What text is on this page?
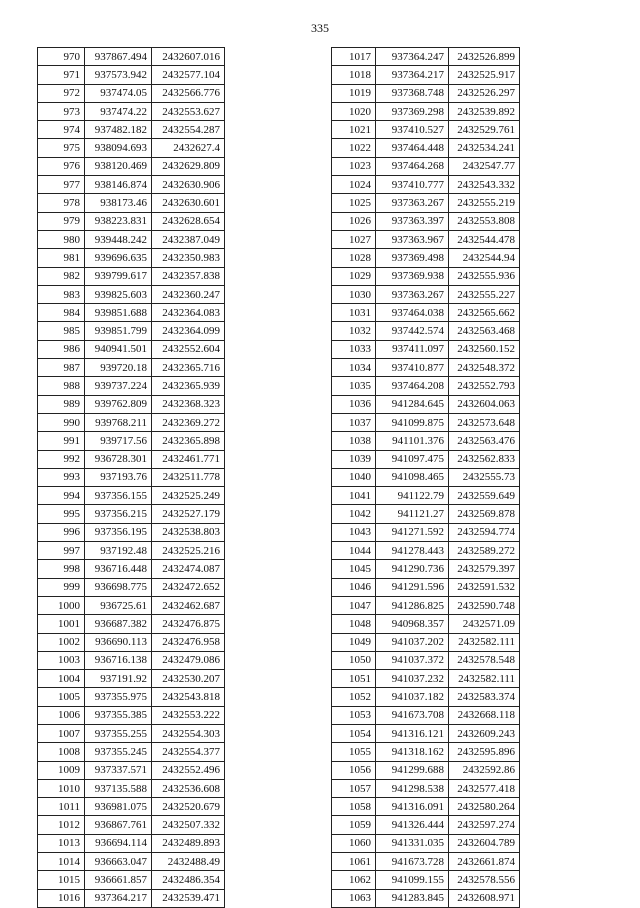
335
970	937867.494	2432607.016
971	937573.942	2432577.104
972	937474.05	2432566.776
973	937474.22	2432553.627
974	937482.182	2432554.287
975	938094.693	2432627.4
976	938120.469	2432629.809
977	938146.874	2432630.906
978	938173.46	2432630.601
979	938223.831	2432628.654
980	939448.242	2432387.049
981	939696.635	2432350.983
982	939799.617	2432357.838
983	939825.603	2432360.247
984	939851.688	2432364.083
985	939851.799	2432364.099
986	940941.501	2432552.604
987	939720.18	2432365.716
988	939737.224	2432365.939
989	939762.809	2432368.323
990	939768.211	2432369.272
991	939717.56	2432365.898
992	936728.301	2432461.771
993	937193.76	2432511.778
994	937356.155	2432525.249
995	937356.215	2432527.179
996	937356.195	2432538.803
997	937192.48	2432525.216
998	936716.448	2432474.087
999	936698.775	2432472.652
1000	936725.61	2432462.687
1001	936687.382	2432476.875
1002	936690.113	2432476.958
1003	936716.138	2432479.086
1004	937191.92	2432530.207
1005	937355.975	2432543.818
1006	937355.385	2432553.222
1007	937355.255	2432554.303
1008	937355.245	2432554.377
1009	937337.571	2432552.496
1010	937135.588	2432536.608
1011	936981.075	2432520.679
1012	936867.761	2432507.332
1013	936694.114	2432489.893
1014	936663.047	2432488.49
1015	936661.857	2432486.354
1016	937364.217	2432539.471
1017	937364.247	2432526.899
1018	937364.217	2432525.917
1019	937368.748	2432526.297
1020	937369.298	2432539.892
1021	937410.527	2432529.761
1022	937464.448	2432534.241
1023	937464.268	2432547.77
1024	937410.777	2432543.332
1025	937363.267	2432555.219
1026	937363.397	2432553.808
1027	937363.967	2432544.478
1028	937369.498	2432544.94
1029	937369.938	2432555.936
1030	937363.267	2432555.227
1031	937464.038	2432565.662
1032	937442.574	2432563.468
1033	937411.097	2432560.152
1034	937410.877	2432548.372
1035	937464.208	2432552.793
1036	941284.645	2432604.063
1037	941099.875	2432573.648
1038	941101.376	2432563.476
1039	941097.475	2432562.833
1040	941098.465	2432555.73
1041	941122.79	2432559.649
1042	941121.27	2432569.878
1043	941271.592	2432594.774
1044	941278.443	2432589.272
1045	941290.736	2432579.397
1046	941291.596	2432591.532
1047	941286.825	2432590.748
1048	940968.357	2432571.09
1049	941037.202	2432582.111
1050	941037.372	2432578.548
1051	941037.232	2432582.111
1052	941037.182	2432583.374
1053	941673.708	2432668.118
1054	941316.121	2432609.243
1055	941318.162	2432595.896
1056	941299.688	2432592.86
1057	941298.538	2432577.418
1058	941316.091	2432580.264
1059	941326.444	2432597.274
1060	941331.035	2432604.789
1061	941673.728	2432661.874
1062	941099.155	2432578.556
1063	941283.845	2432608.971
